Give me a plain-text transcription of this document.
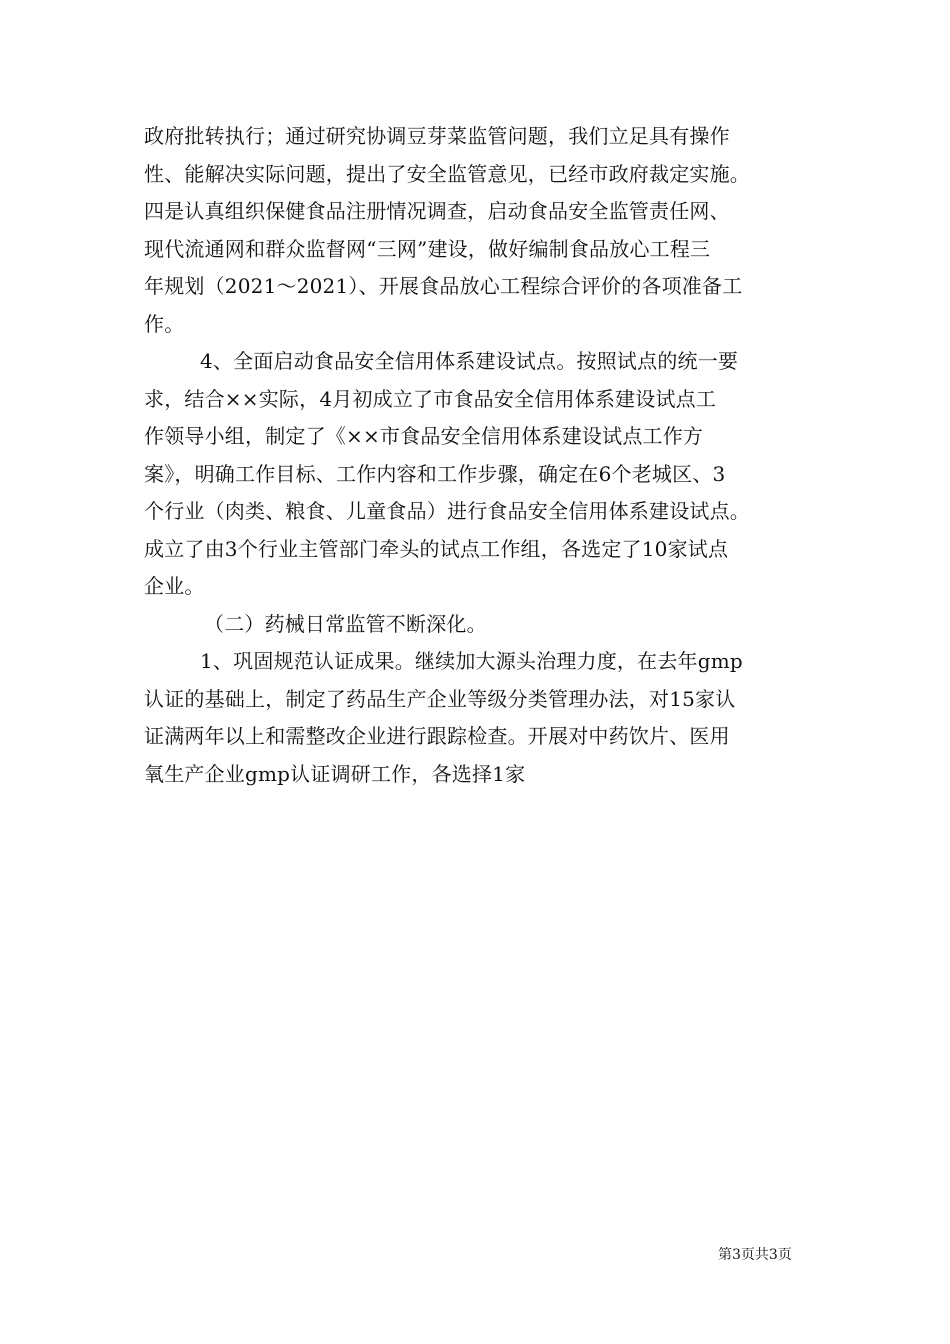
政府批转执行；通过研究协调豆芽菜监管问题，我们立足具有操作
性、能解决实际问题，提出了安全监管意见，已经市政府裁定实施。
四是认真组织保健食品注册情况调查，启动食品安全监管责任网、
现代流通网和群众监督网“三网”建设，做好编制食品放心工程三
年规划（2021～2021）、开展食品放心工程综合评价的各项准备工
作。
4、全面启动食品安全信用体系建设试点。按照试点的统一要
求，结合××实际，4月初成立了市食品安全信用体系建设试点工
作领导小组，制定了《××市食品安全信用体系建设试点工作方
案》，明确工作目标、工作内容和工作步骤，确定在6个老城区、3
个行业（肉类、粮食、儿童食品）进行食品安全信用体系建设试点。
成立了由3个行业主管部门牵头的试点工作组，各选定了10家试点
企业。
（二）药械日常监管不断深化。
1、巩固规范认证成果。继续加大源头治理力度，在去年gmp
认证的基础上，制定了药品生产企业等级分类管理办法，对15家认
证满两年以上和需整改企业进行跟踪检查。开展对中药饮片、医用
氧生产企业gmp认证调研工作，各选择1家
第3页共3页
